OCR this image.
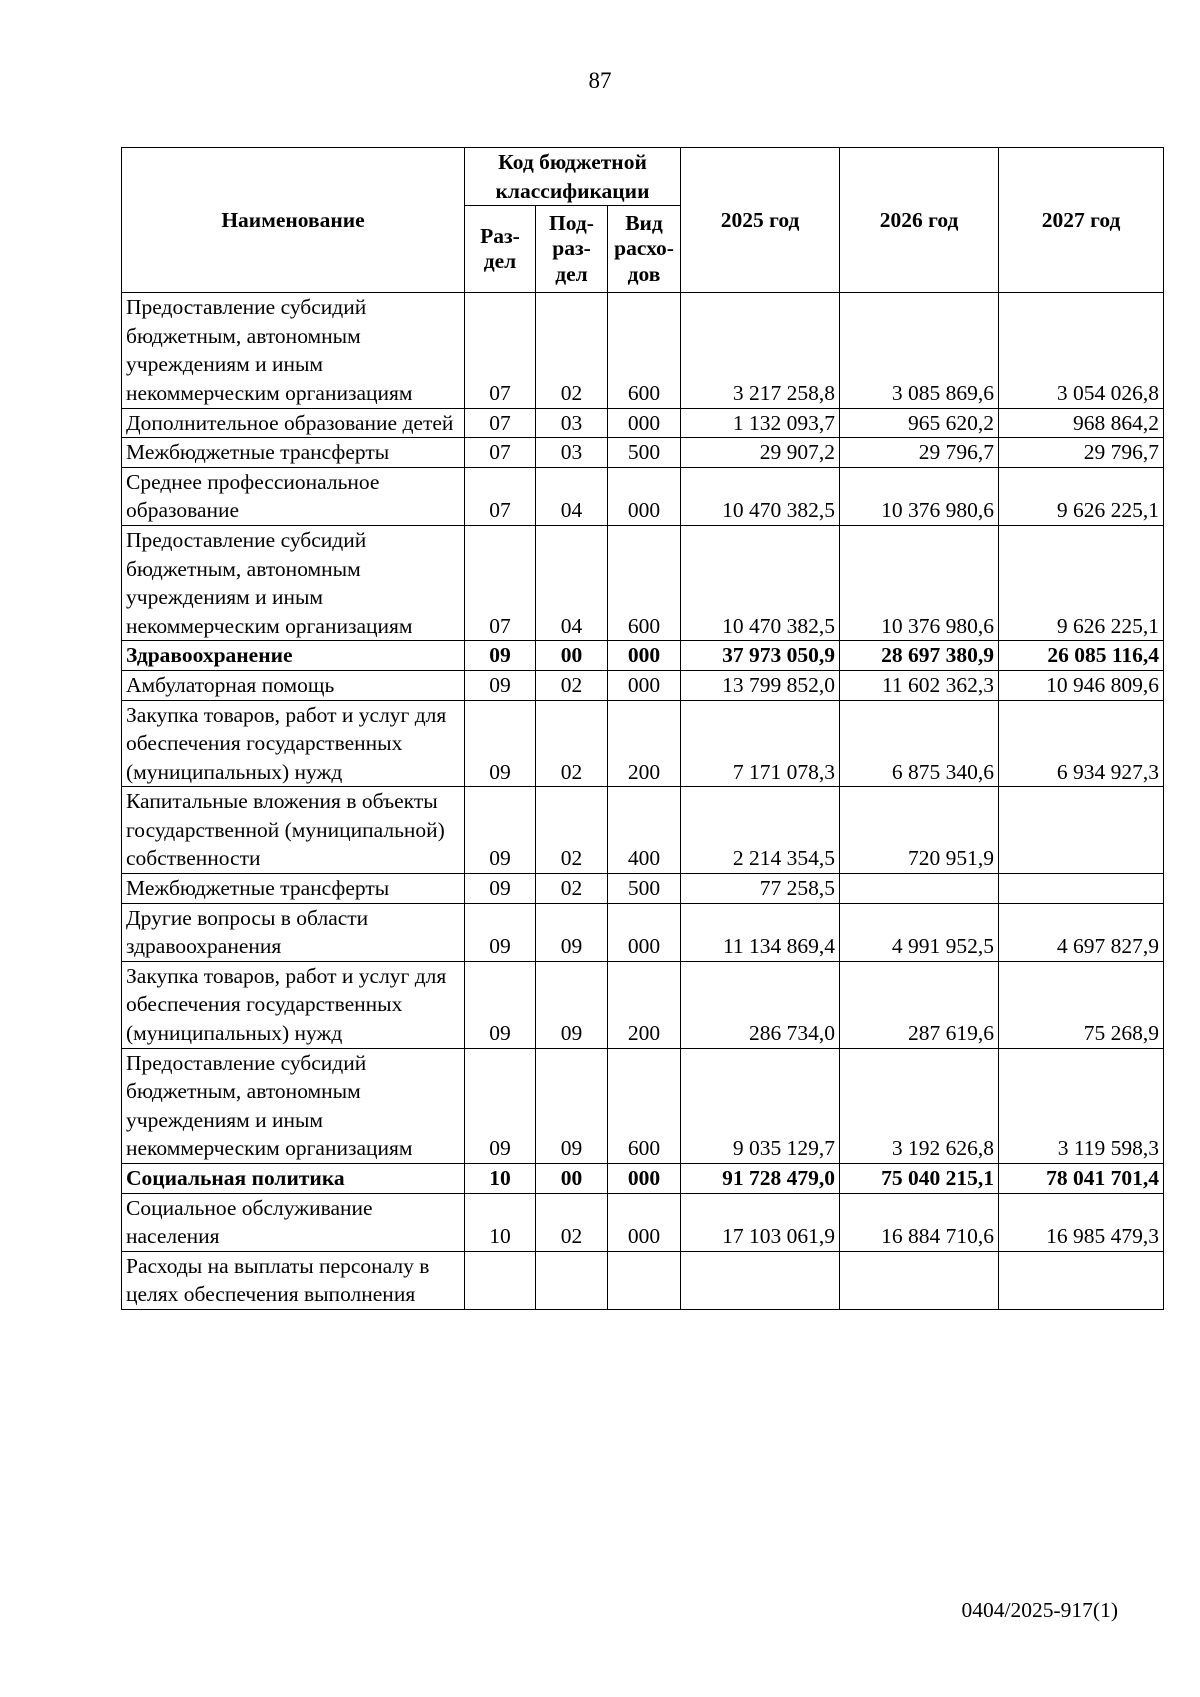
87
Наименование	Код бюджетной классификации			2025 год	2026 год	2027 год
	Раз-дел	Под-раз-дел	Вид расхо-дов			
Предоставление субсидий бюджетным, автономным учреждениям и иным некоммерческим организациям	07	02	600	3 217 258,8	3 085 869,6	3 054 026,8
Дополнительное образование детей	07	03	000	1 132 093,7	965 620,2	968 864,2
Межбюджетные трансферты	07	03	500	29 907,2	29 796,7	29 796,7
Среднее профессиональное образование	07	04	000	10 470 382,5	10 376 980,6	9 626 225,1
Предоставление субсидий бюджетным, автономным учреждениям и иным некоммерческим организациям	07	04	600	10 470 382,5	10 376 980,6	9 626 225,1
Здравоохранение	09	00	000	37 973 050,9	28 697 380,9	26 085 116,4
Амбулаторная помощь	09	02	000	13 799 852,0	11 602 362,3	10 946 809,6
Закупка товаров, работ и услуг для обеспечения государственных (муниципальных) нужд	09	02	200	7 171 078,3	6 875 340,6	6 934 927,3
Капитальные вложения в объекты государственной (муниципальной) собственности	09	02	400	2 214 354,5	720 951,9	
Межбюджетные трансферты	09	02	500	77 258,5		
Другие вопросы в области здравоохранения	09	09	000	11 134 869,4	4 991 952,5	4 697 827,9
Закупка товаров, работ и услуг для обеспечения государственных (муниципальных) нужд	09	09	200	286 734,0	287 619,6	75 268,9
Предоставление субсидий бюджетным, автономным учреждениям и иным некоммерческим организациям	09	09	600	9 035 129,7	3 192 626,8	3 119 598,3
Социальная политика	10	00	000	91 728 479,0	75 040 215,1	78 041 701,4
Социальное обслуживание населения	10	02	000	17 103 061,9	16 884 710,6	16 985 479,3
Расходы на выплаты персоналу в целях обеспечения выполнения						
0404/2025-917(1)
